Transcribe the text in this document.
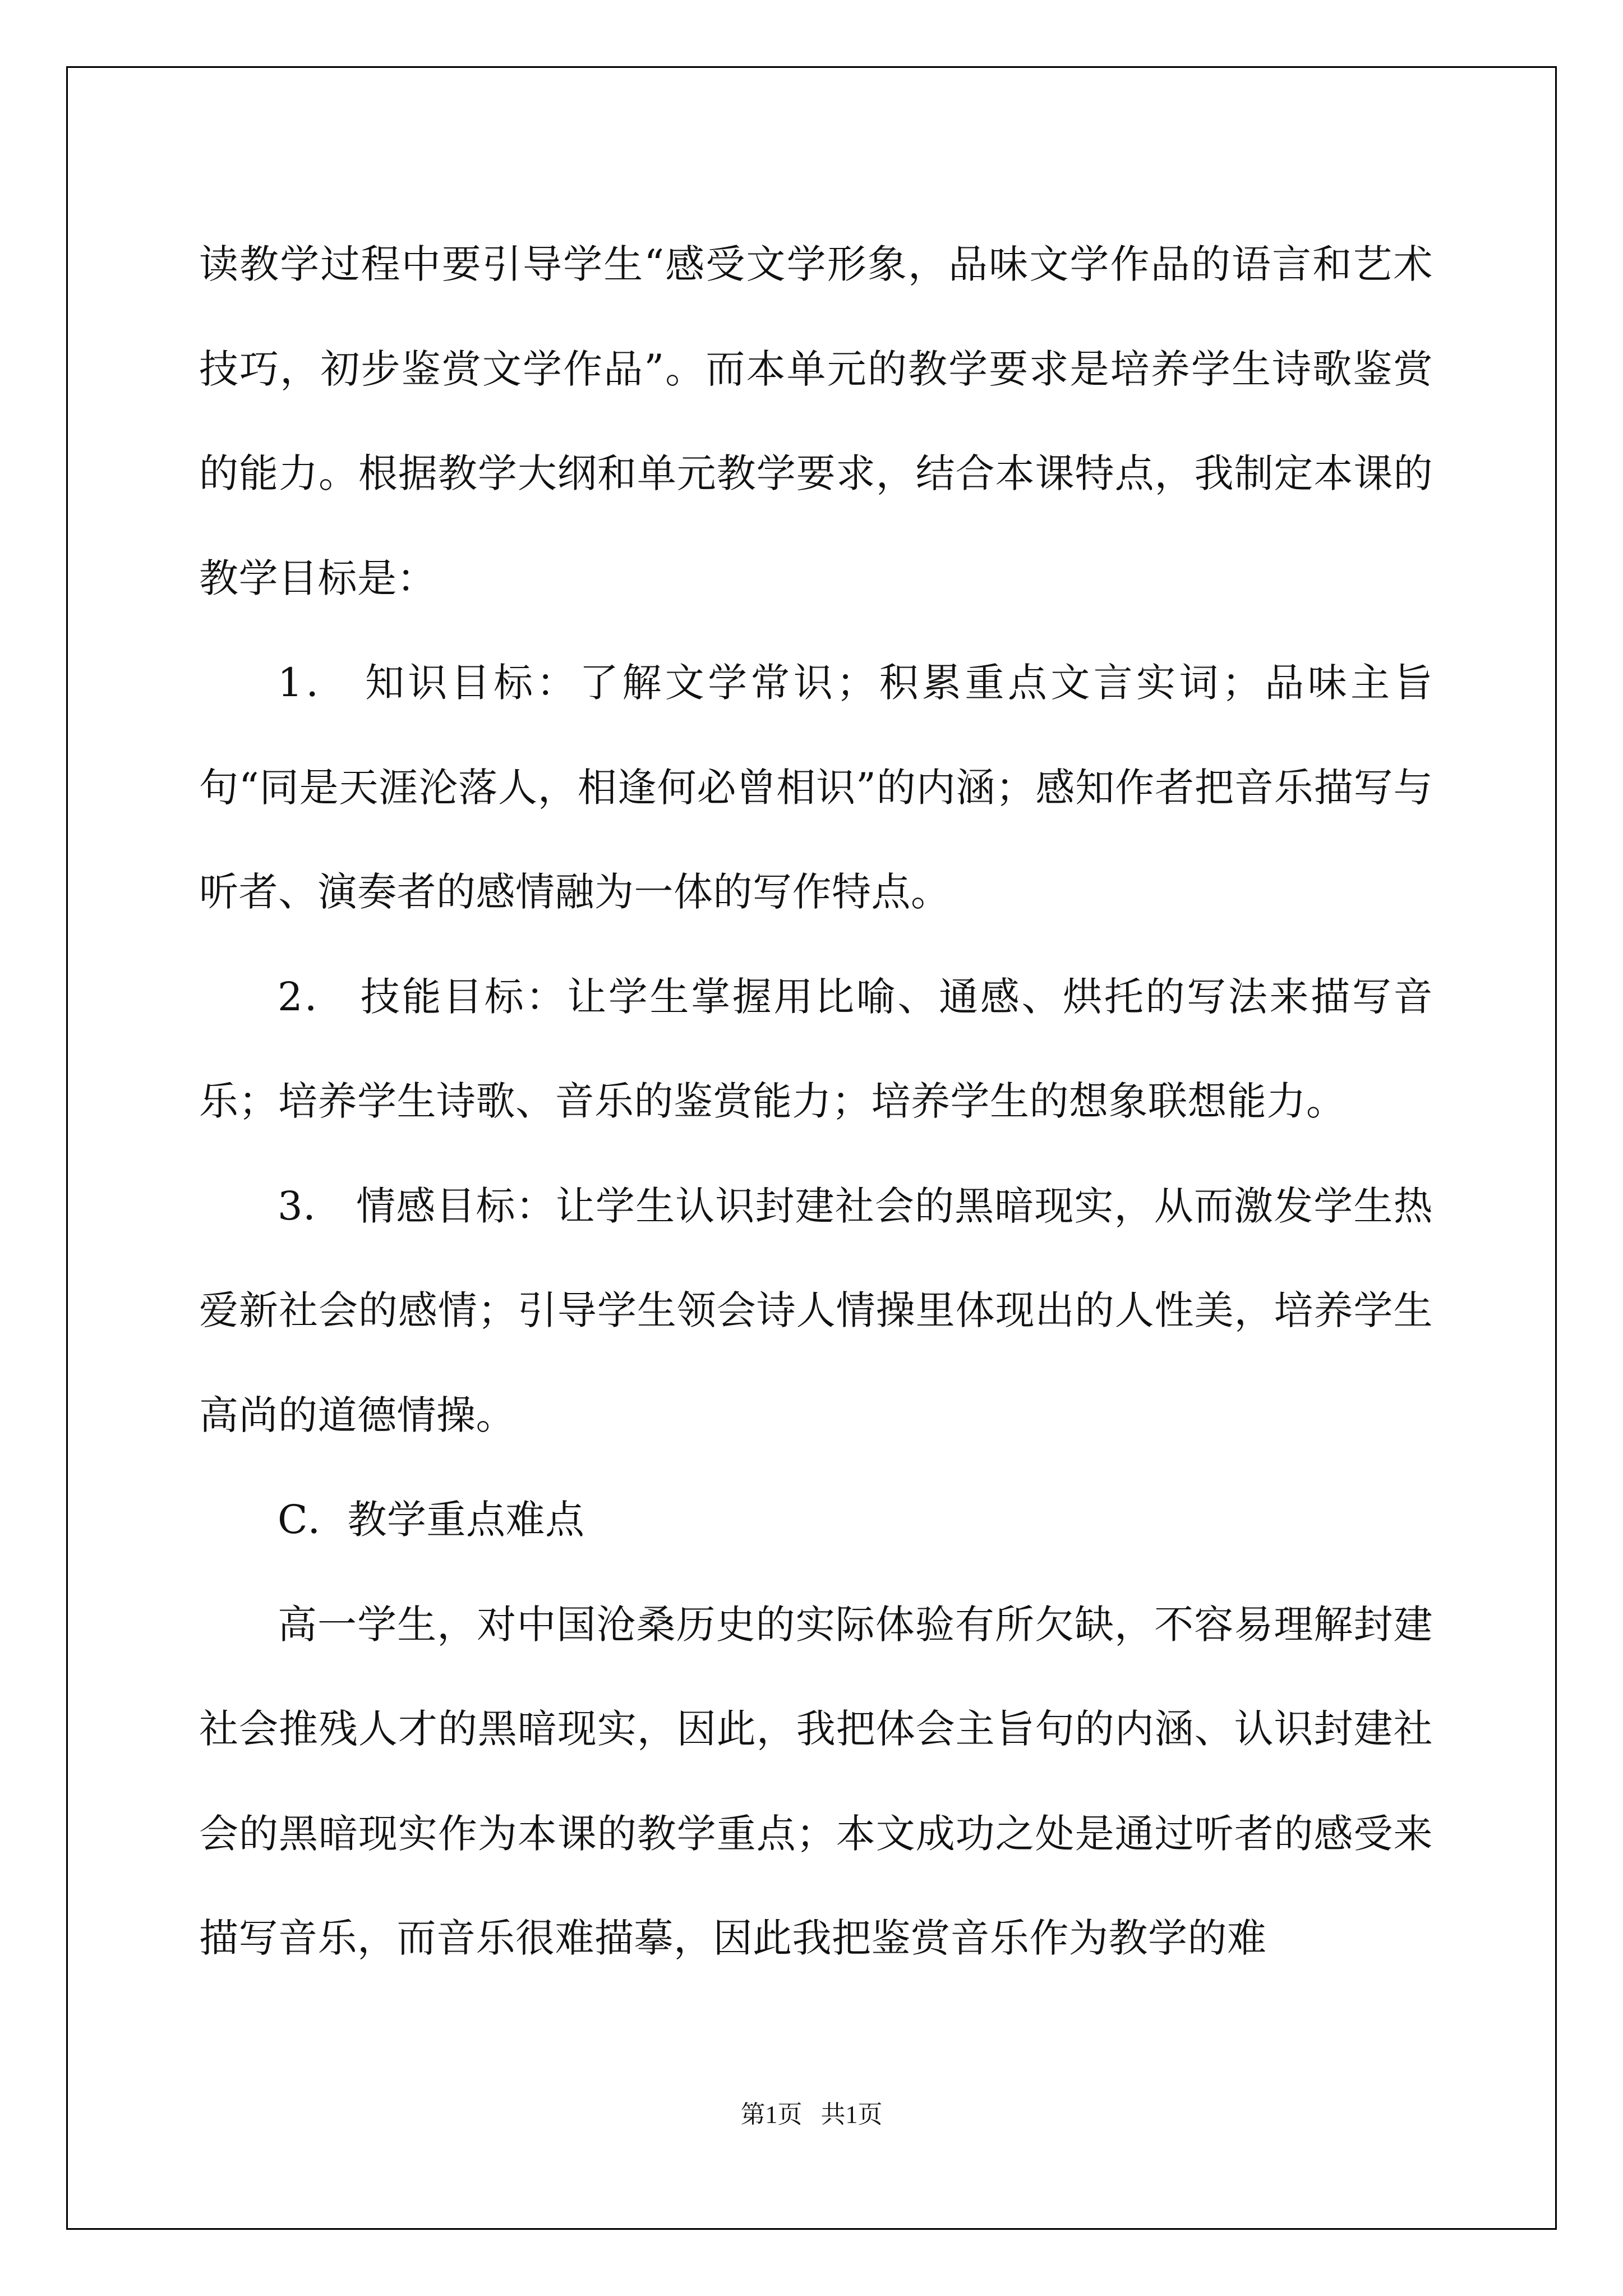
读教学过程中要引导学生“感受文学形象，品味文学作品的语言和艺术技巧，初步鉴赏文学作品”。而本单元的教学要求是培养学生诗歌鉴赏的能力。根据教学大纲和单元教学要求，结合本课特点，我制定本课的教学目标是：

1． 知识目标：了解文学常识；积累重点文言实词；品味主旨句“同是天涯沦落人，相逢何必曾相识”的内涵；感知作者把音乐描写与听者、演奏者的感情融为一体的写作特点。

2． 技能目标：让学生掌握用比喻、通感、烘托的写法来描写音乐；培养学生诗歌、音乐的鉴赏能力；培养学生的想象联想能力。

3． 情感目标：让学生认识封建社会的黑暗现实，从而激发学生热爱新社会的感情；引导学生领会诗人情操里体现出的人性美，培养学生高尚的道德情操。

C．教学重点难点

高一学生，对中国沧桑历史的实际体验有所欠缺，不容易理解封建社会推残人才的黑暗现实，因此，我把体会主旨句的内涵、认识封建社会的黑暗现实作为本课的教学重点；本文成功之处是通过听者的感受来描写音乐，而音乐很难描摹，因此我把鉴赏音乐作为教学的难

第1页   共1页
